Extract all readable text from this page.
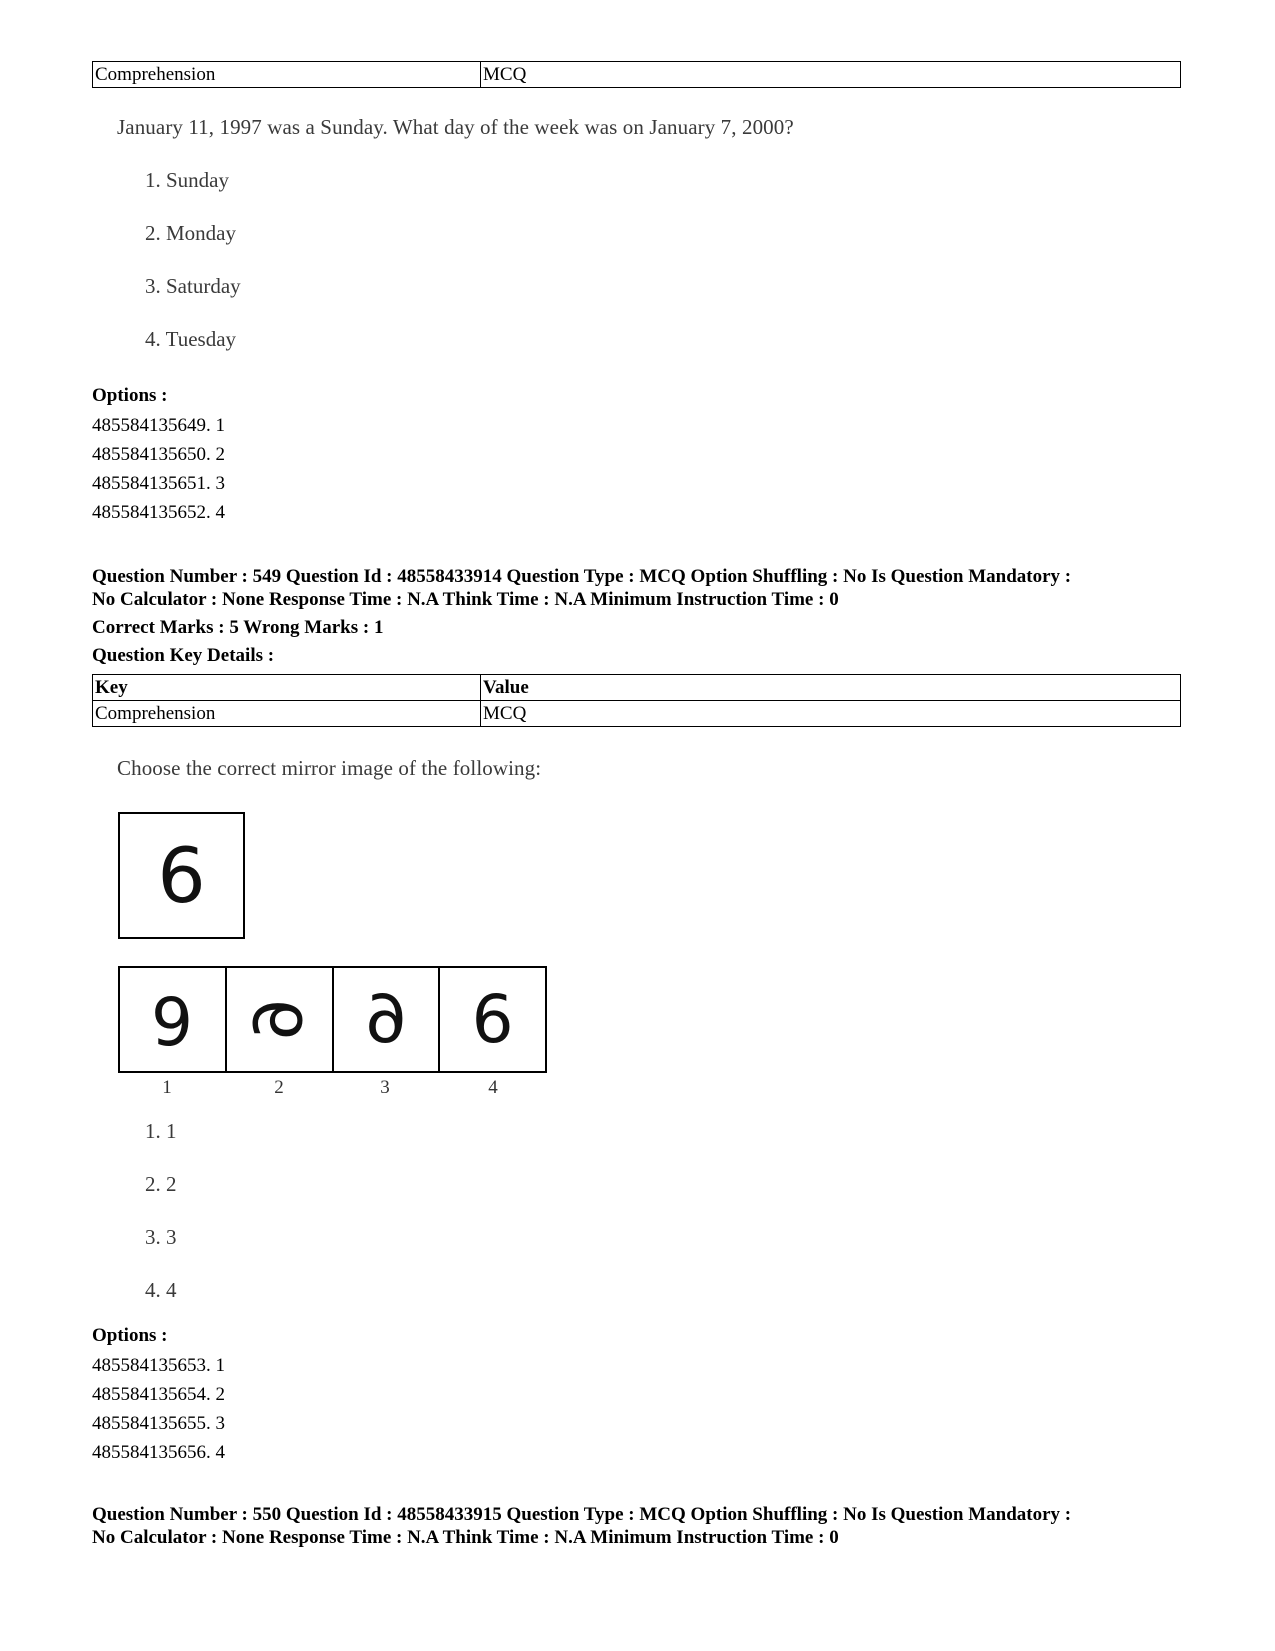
Comprehension	MCQ
January 11, 1997 was a Sunday. What day of the week was on January 7, 2000?
1. Sunday
2. Monday
3. Saturday
4. Tuesday
Options :
485584135649. 1
485584135650. 2
485584135651. 3
485584135652. 4
Question Number : 549 Question Id : 48558433914 Question Type : MCQ Option Shuffling : No Is Question Mandatory :
No Calculator : None Response Time : N.A Think Time : N.A Minimum Instruction Time : 0
Correct Marks : 5 Wrong Marks : 1
Question Key Details :
Key	Value
Comprehension	MCQ
Choose the correct mirror image of the following:
6
6 6 6 6
1	2	3	4
1. 1
2. 2
3. 3
4. 4
Options :
485584135653. 1
485584135654. 2
485584135655. 3
485584135656. 4
Question Number : 550 Question Id : 48558433915 Question Type : MCQ Option Shuffling : No Is Question Mandatory :
No Calculator : None Response Time : N.A Think Time : N.A Minimum Instruction Time : 0
